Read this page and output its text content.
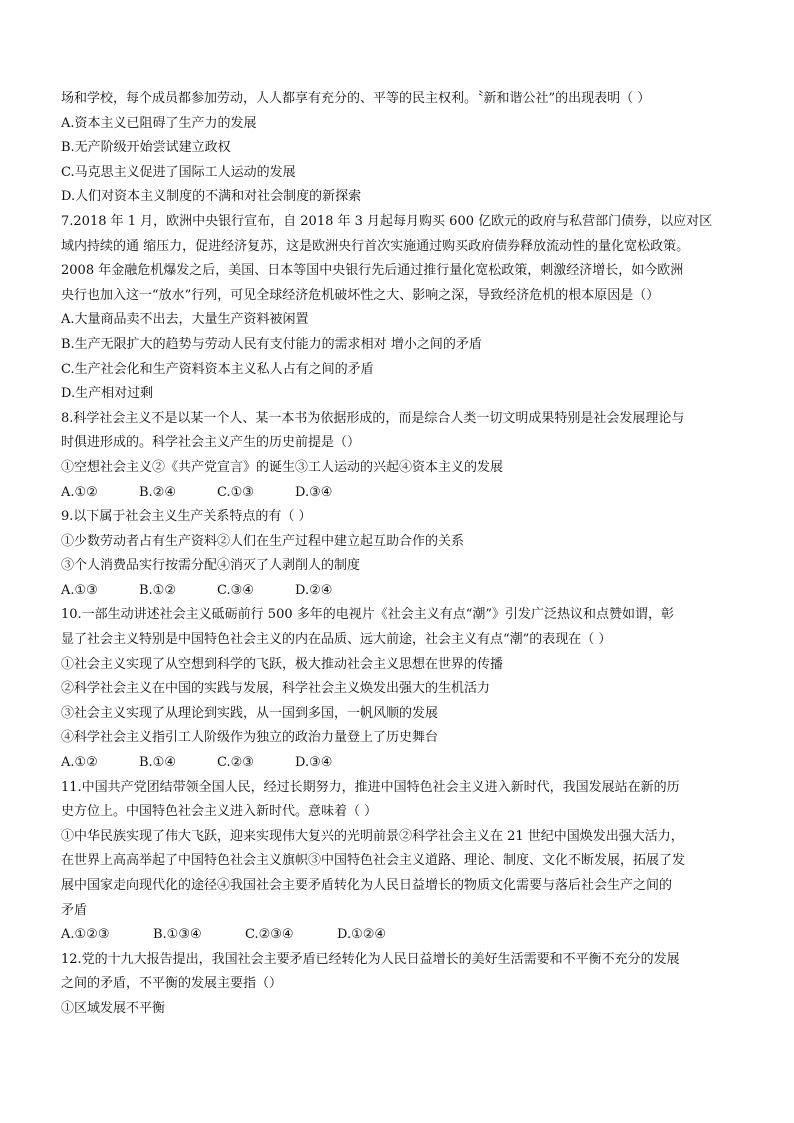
场和学校，每个成员都参加劳动，人人都享有充分的、平等的民主权利。〝新和谐公社”的出现表明（ ）
A.资本主义已阻碍了生产力的发展
B.无产阶级开始尝试建立政权
C.马克思主义促进了国际工人运动的发展
D.人们对资本主义制度的不满和对社会制度的新探索
7.2018 年 1 月，欧洲中央银行宣布，自 2018 年 3 月起每月购买 600 亿欧元的政府与私营部门债券，以应对区
域内持续的通 缩压力，促进经济复苏，这是欧洲央行首次实施通过购买政府债券释放流动性的量化宽松政策。
2008 年金融危机爆发之后，美国、日本等国中央银行先后通过推行量化宽松政策，刺激经济增长，如今欧洲
央行也加入这一“放水”行列，可见全球经济危机破坏性之大、影响之深，导致经济危机的根本原因是（）
A.大量商品卖不出去，大量生产资料被闲置
B.生产无限扩大的趋势与劳动人民有支付能力的需求相对 增小之间的矛盾
C.生产社会化和生产资料资本主义私人占有之间的矛盾
D.生产相对过剩
8.科学社会主义不是以某一个人、某一本书为依据形成的，而是综合人类一切文明成果特别是社会发展理论与
时俱进形成的。科学社会主义产生的历史前提是（）
①空想社会主义②《共产党宣言》的诞生③工人运动的兴起④资本主义的发展
A.①②	B.②④	C.①③	D.③④
9.以下属于社会主义生产关系特点的有（ ）
①少数劳动者占有生产资料②人们在生产过程中建立起互助合作的关系
③个人消费品实行按需分配④消灭了人剥削人的制度
A.①③	B.①②	C.③④	D.②④
10.一部生动讲述社会主义砥砺前行 500 多年的电视片《社会主义有点“潮”》引发广泛热议和点赞如谓，彰
显了社会主义特别是中国特色社会主义的内在品质、远大前途，社会主义有点“潮”的表现在（ ）
①社会主义实现了从空想到科学的飞跃，极大推动社会主义思想在世界的传播
②科学社会主义在中国的实践与发展，科学社会主义焕发出强大的生机活力
③社会主义实现了从理论到实践，从一国到多国，一帆风顺的发展
④科学社会主义指引工人阶级作为独立的政治力量登上了历史舞台
A.①②	B.①④	C.②③	D.③④
11.中国共产党团结带领全国人民，经过长期努力，推进中国特色社会主义进入新时代，我国发展站在新的历
史方位上。中国特色社会主义进入新时代。意味着（ ）
①中华民族实现了伟大飞跃，迎来实现伟大复兴的光明前景②科学社会主义在 21 世纪中国焕发出强大活力，
在世界上高高举起了中国特色社会主义旗帜③中国特色社会主义道路、理论、制度、文化不断发展，拓展了发
展中国家走向现代化的途径④我国社会主要矛盾转化为人民日益增长的物质文化需要与落后社会生产之间的
矛盾
A.①②③	B.①③④	C.②③④	D.①②④
12.党的十九大报告提出，我国社会主要矛盾已经转化为人民日益增长的美好生活需要和不平衡不充分的发展
之间的矛盾，不平衡的发展主要指（）
①区域发展不平衡
